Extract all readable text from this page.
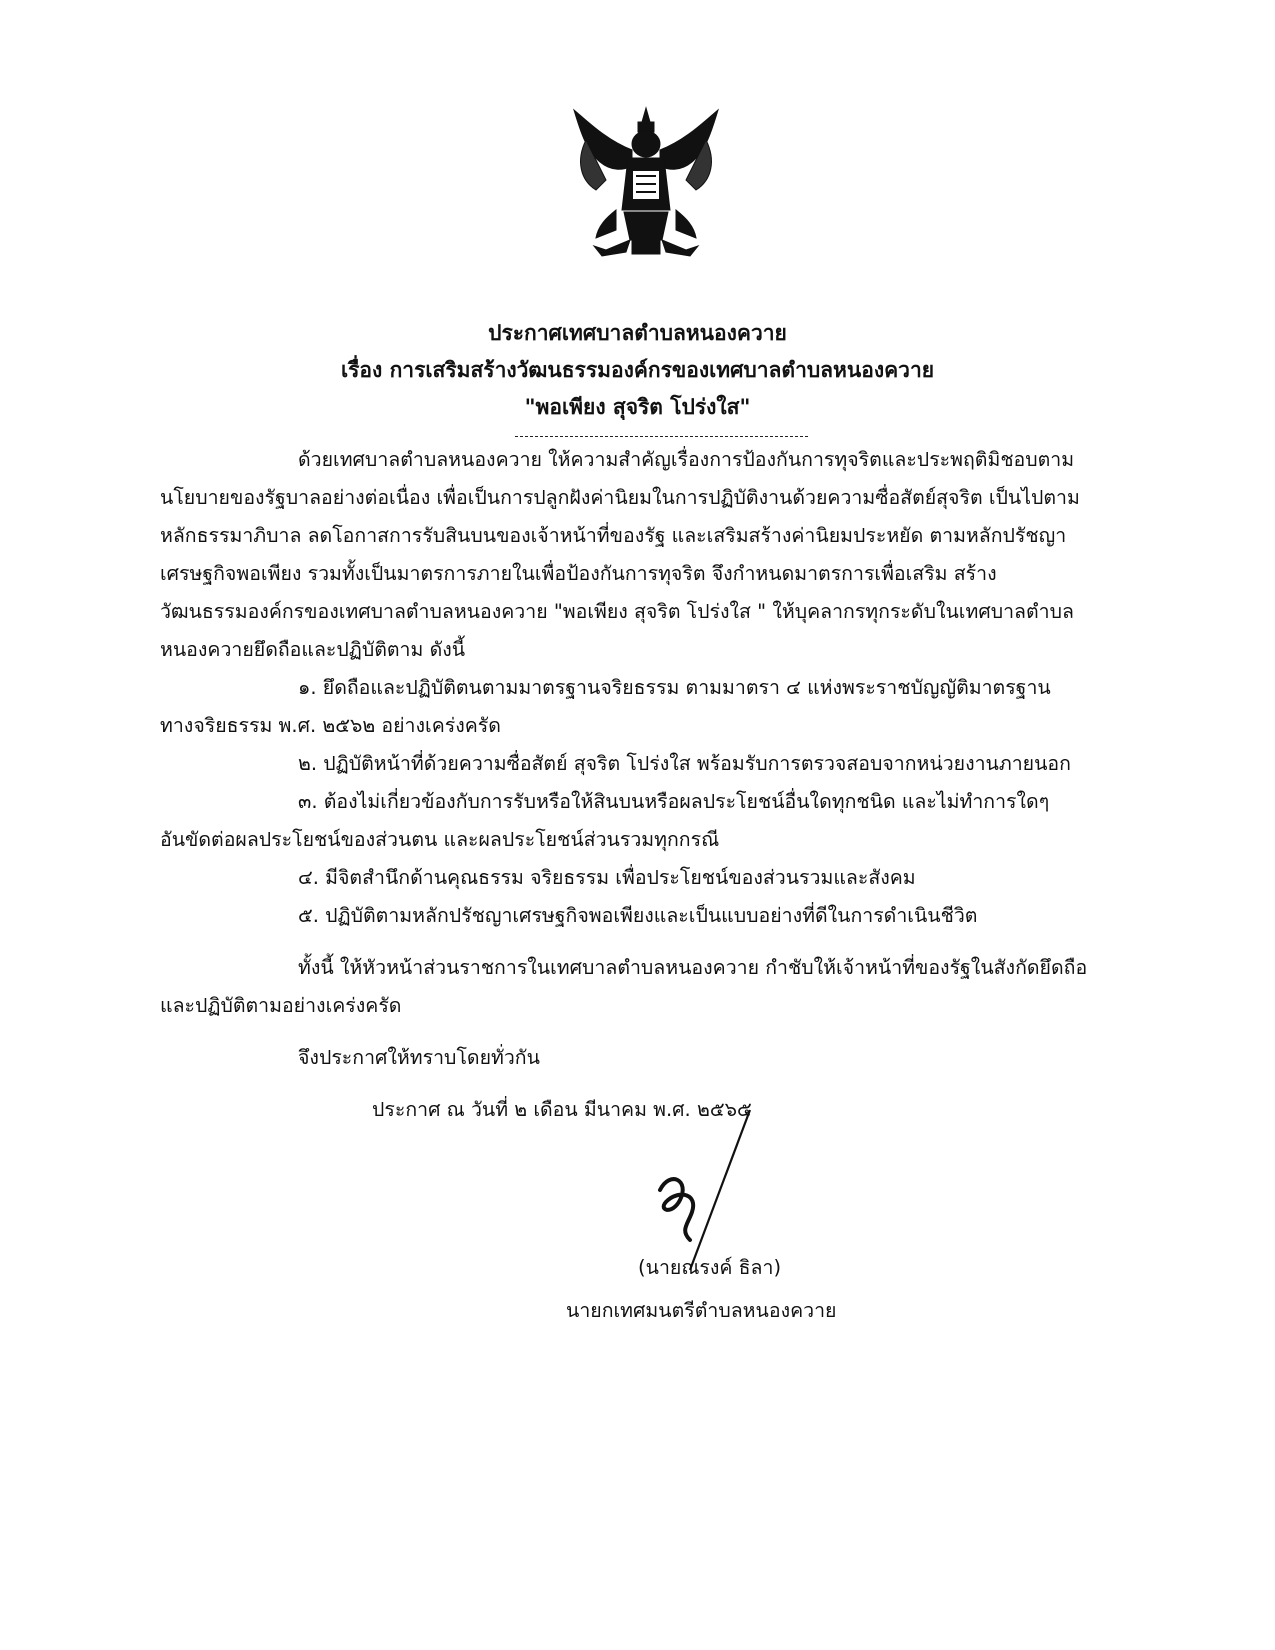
ประกาศเทศบาลตำบลหนองควาย
เรื่อง การเสริมสร้างวัฒนธรรมองค์กรของเทศบาลตำบลหนองควาย
"พอเพียง สุจริต โปร่งใส"
ด้วยเทศบาลตำบลหนองควาย ให้ความสำคัญเรื่องการป้องกันการทุจริตและประพฤติมิชอบตาม
นโยบายของรัฐบาลอย่างต่อเนื่อง เพื่อเป็นการปลูกฝังค่านิยมในการปฏิบัติงานด้วยความซื่อสัตย์สุจริต เป็นไปตาม
หลักธรรมาภิบาล ลดโอกาสการรับสินบนของเจ้าหน้าที่ของรัฐ และเสริมสร้างค่านิยมประหยัด ตามหลักปรัชญา
เศรษฐกิจพอเพียง รวมทั้งเป็นมาตรการภายในเพื่อป้องกันการทุจริต จึงกำหนดมาตรการเพื่อเสริม สร้าง
วัฒนธรรมองค์กรของเทศบาลตำบลหนองควาย "พอเพียง สุจริต โปร่งใส " ให้บุคลากรทุกระดับในเทศบาลตำบล
หนองควายยึดถือและปฏิบัติตาม ดังนี้
๑. ยึดถือและปฏิบัติตนตามมาตรฐานจริยธรรม ตามมาตรา ๔ แห่งพระราชบัญญัติมาตรฐาน
ทางจริยธรรม พ.ศ. ๒๕๖๒ อย่างเคร่งครัด
๒. ปฏิบัติหน้าที่ด้วยความซื่อสัตย์ สุจริต โปร่งใส พร้อมรับการตรวจสอบจากหน่วยงานภายนอก
๓. ต้องไม่เกี่ยวข้องกับการรับหรือให้สินบนหรือผลประโยชน์อื่นใดทุกชนิด และไม่ทำการใดๆ
อันขัดต่อผลประโยชน์ของส่วนตน และผลประโยชน์ส่วนรวมทุกกรณี
๔. มีจิตสำนึกด้านคุณธรรม จริยธรรม เพื่อประโยชน์ของส่วนรวมและสังคม
๕. ปฏิบัติตามหลักปรัชญาเศรษฐกิจพอเพียงและเป็นแบบอย่างที่ดีในการดำเนินชีวิต
ทั้งนี้ ให้หัวหน้าส่วนราชการในเทศบาลตำบลหนองควาย กำชับให้เจ้าหน้าที่ของรัฐในสังกัดยึดถือ
และปฏิบัติตามอย่างเคร่งครัด
จึงประกาศให้ทราบโดยทั่วกัน
ประกาศ ณ วันที่ ๒ เดือน มีนาคม พ.ศ. ๒๕๖๕
(นายณรงค์ ธิลา)
นายกเทศมนตรีตำบลหนองควาย
